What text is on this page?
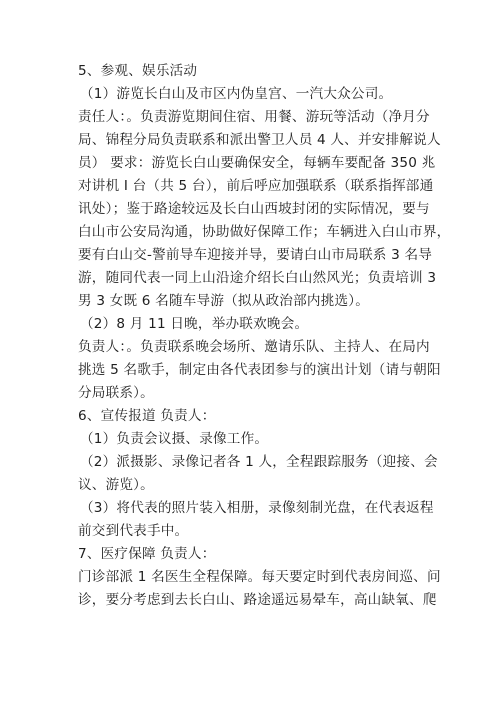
5、参观、娱乐活动
（1）游览长白山及市区内伪皇宫、一汽大众公司。
责任人：。负责游览期间住宿、用餐、游玩等活动（净月分
局、锦程分局负责联系和派出警卫人员 4 人、并安排解说人
员） 要求：游览长白山要确保安全，每辆车要配备 350 兆
对讲机 I 台（共 5 台），前后呼应加强联系（联系指挥部通
讯处）；鉴于路途较远及长白山西坡封闭的实际情况，要与
白山市公安局沟通，协助做好保障工作；车辆进入白山市界，
要有白山交-警前导车迎接并导，要请白山市局联系 3 名导
游，随同代表一同上山沿途介绍长白山然风光；负责培训 3
男 3 女既 6 名随车导游（拟从政治部内挑选）。
（2）8 月 11 日晚，举办联欢晚会。
负责人：。负责联系晚会场所、邀请乐队、主持人、在局内
挑选 5 名歌手，制定由各代表团参与的演出计划（请与朝阳
分局联系）。
6、宣传报道 负责人：
（1）负责会议摄、录像工作。
（2）派摄影、录像记者各 1 人，全程跟踪服务（迎接、会
议、游览）。
（3）将代表的照片装入相册，录像刻制光盘，在代表返程
前交到代表手中。
7、医疗保障 负责人：
门诊部派 1 名医生全程保障。每天要定时到代表房间巡、问
诊，要分考虑到去长白山、路途遥远易晕车，高山缺氧、爬
